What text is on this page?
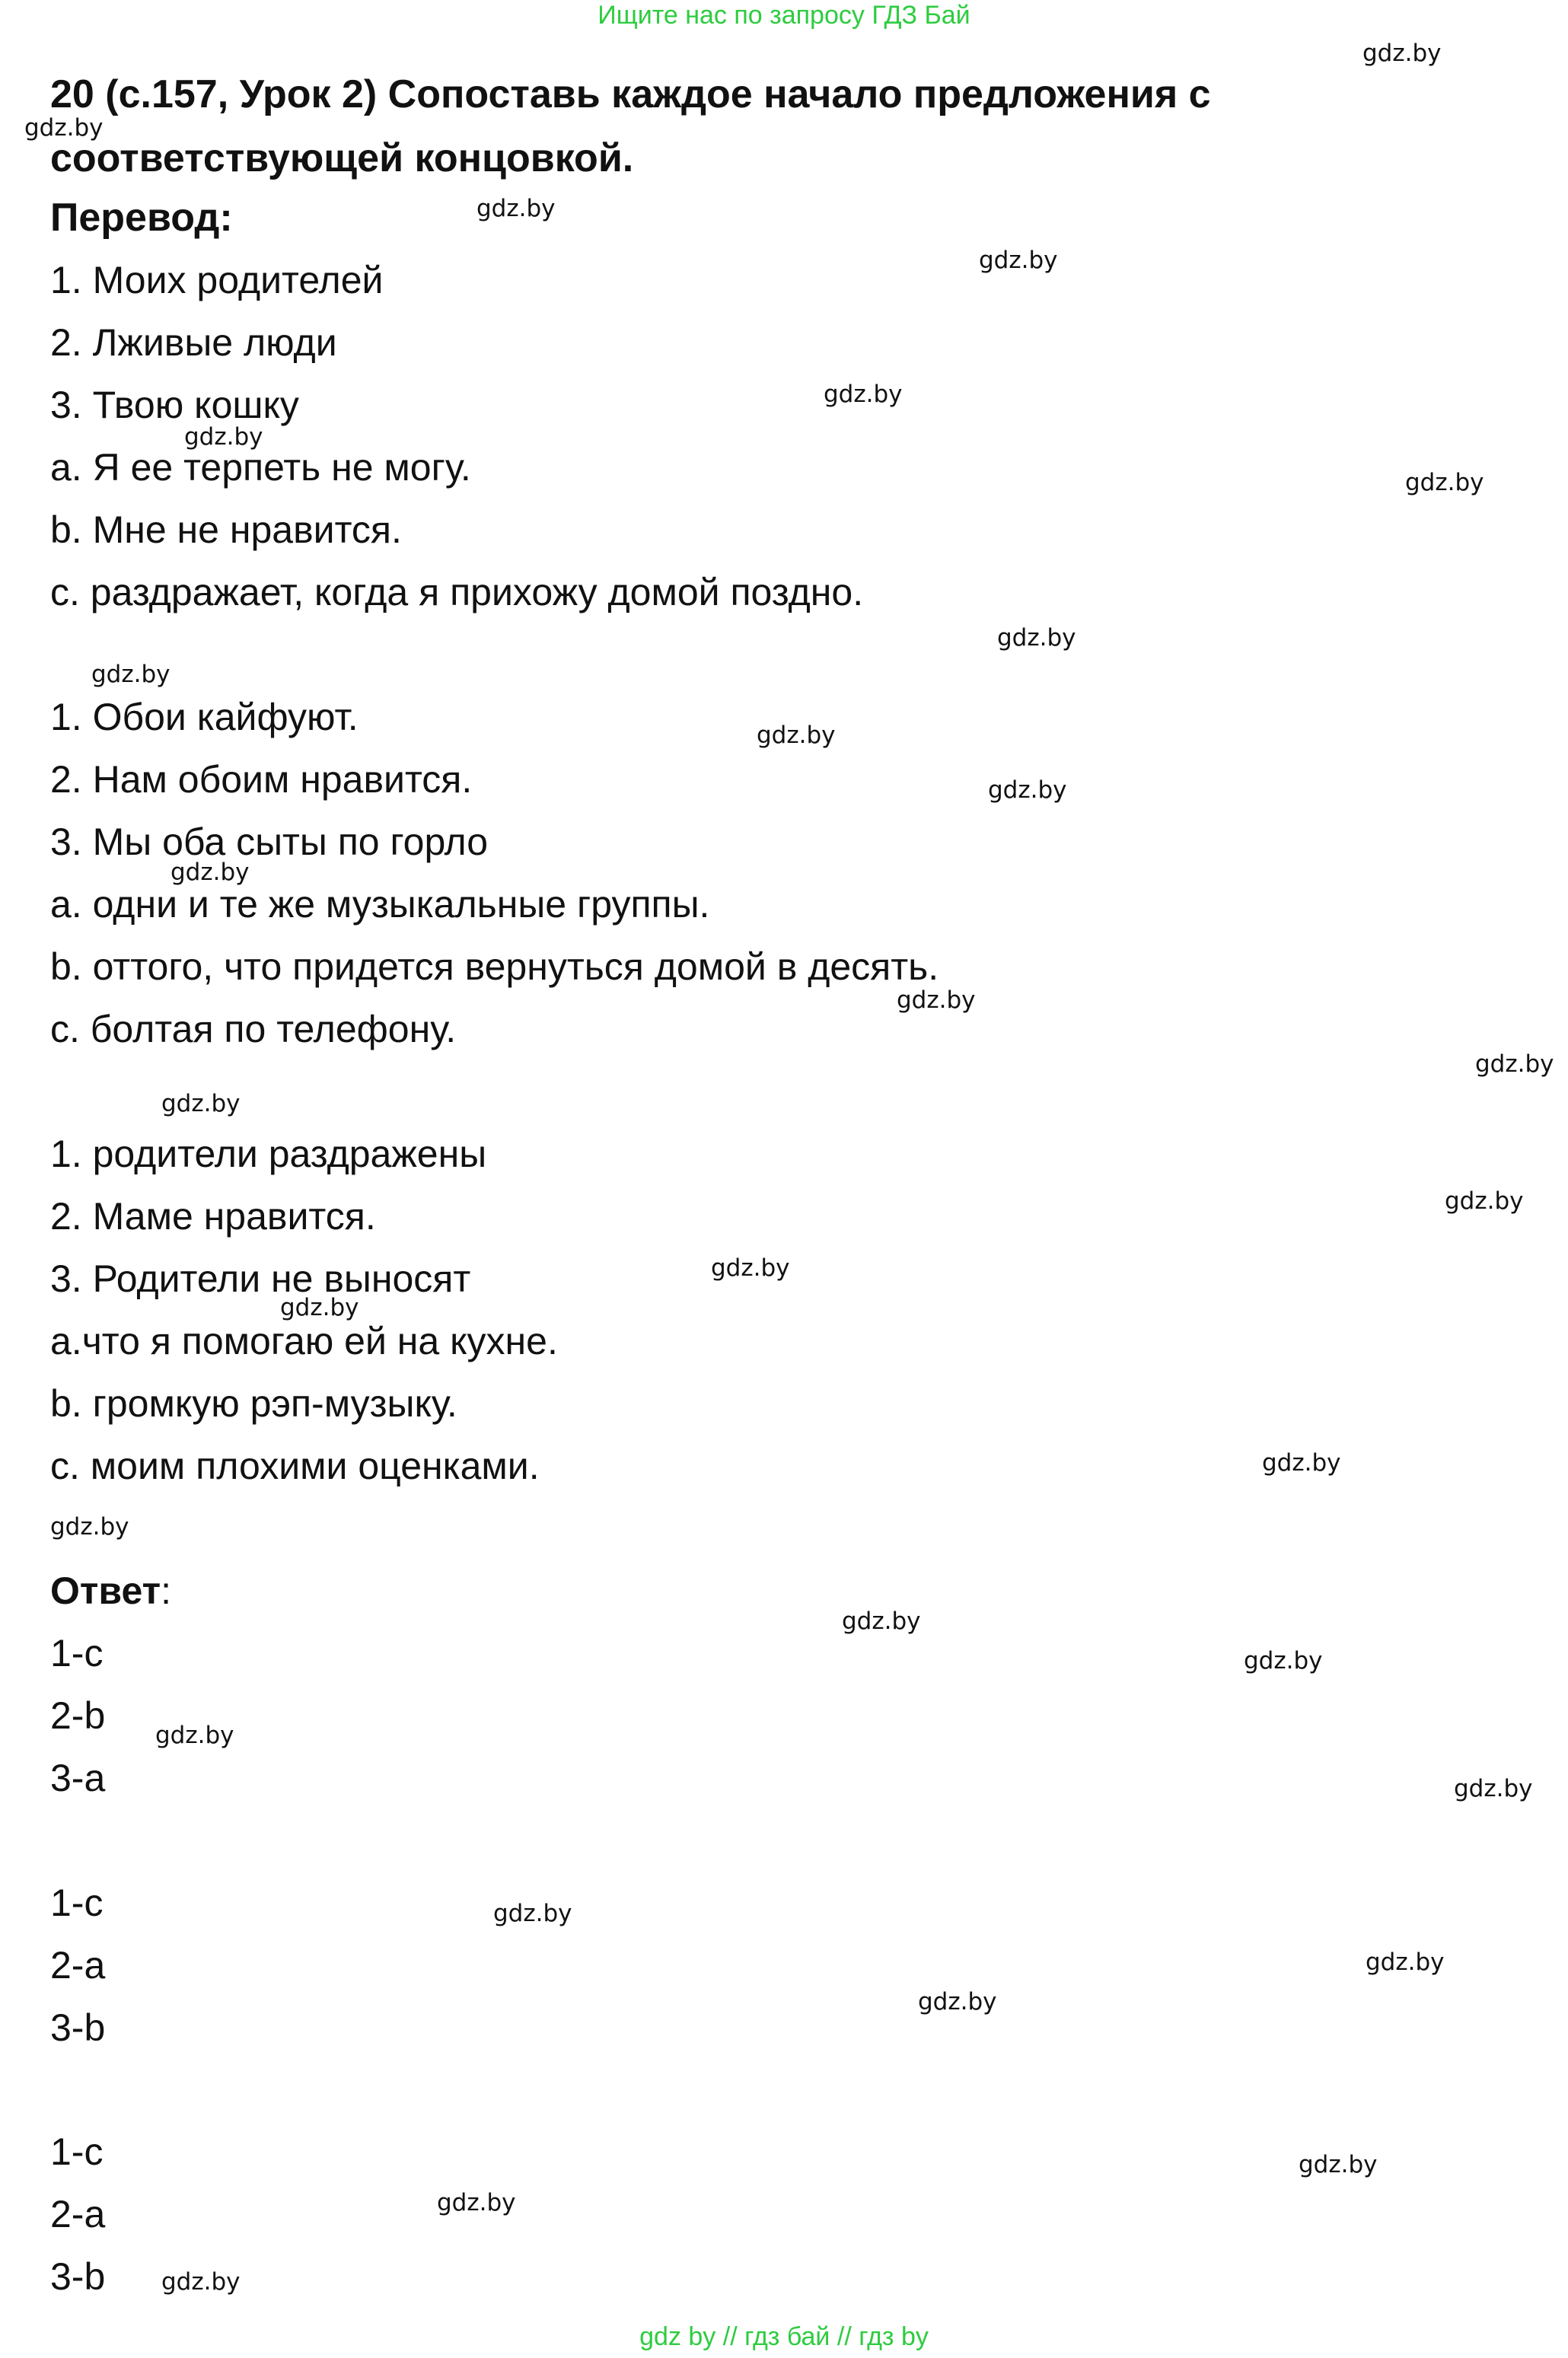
Ищите нас по запросу ГДЗ Бай
20 (с.157, Урок 2) Сопоставь каждое начало предложения с соответствующей концовкой.
Перевод:
1. Моих родителей
2. Лживые люди
3. Твою кошку
a. Я ее терпеть не могу.
b. Мне не нравится.
c. раздражает, когда я прихожу домой поздно.
1. Обои кайфуют.
2. Нам обоим нравится.
3. Мы оба сыты по горло
a. одни и те же музыкальные группы.
b. оттого, что придется вернуться домой в десять.
c. болтая по телефону.
1. родители раздражены
2. Маме нравится.
3. Родители не выносят
a.что я помогаю ей на кухне.
b. громкую рэп-музыку.
c. моим плохими оценками.
Ответ:
1-c
2-b
3-a
1-c
2-a
3-b
1-c
2-a
3-b
gdz.by
gdz.by
gdz.by
gdz.by
gdz.by
gdz.by
gdz.by
gdz.by
gdz.by
gdz.by
gdz.by
gdz.by
gdz.by
gdz.by
gdz.by
gdz.by
gdz.by
gdz.by
gdz.by
gdz.by
gdz.by
gdz.by
gdz.by
gdz.by
gdz.by
gdz.by
gdz.by
gdz.by
gdz.by
gdz.by
gdz by // гдз бай // гдз by
